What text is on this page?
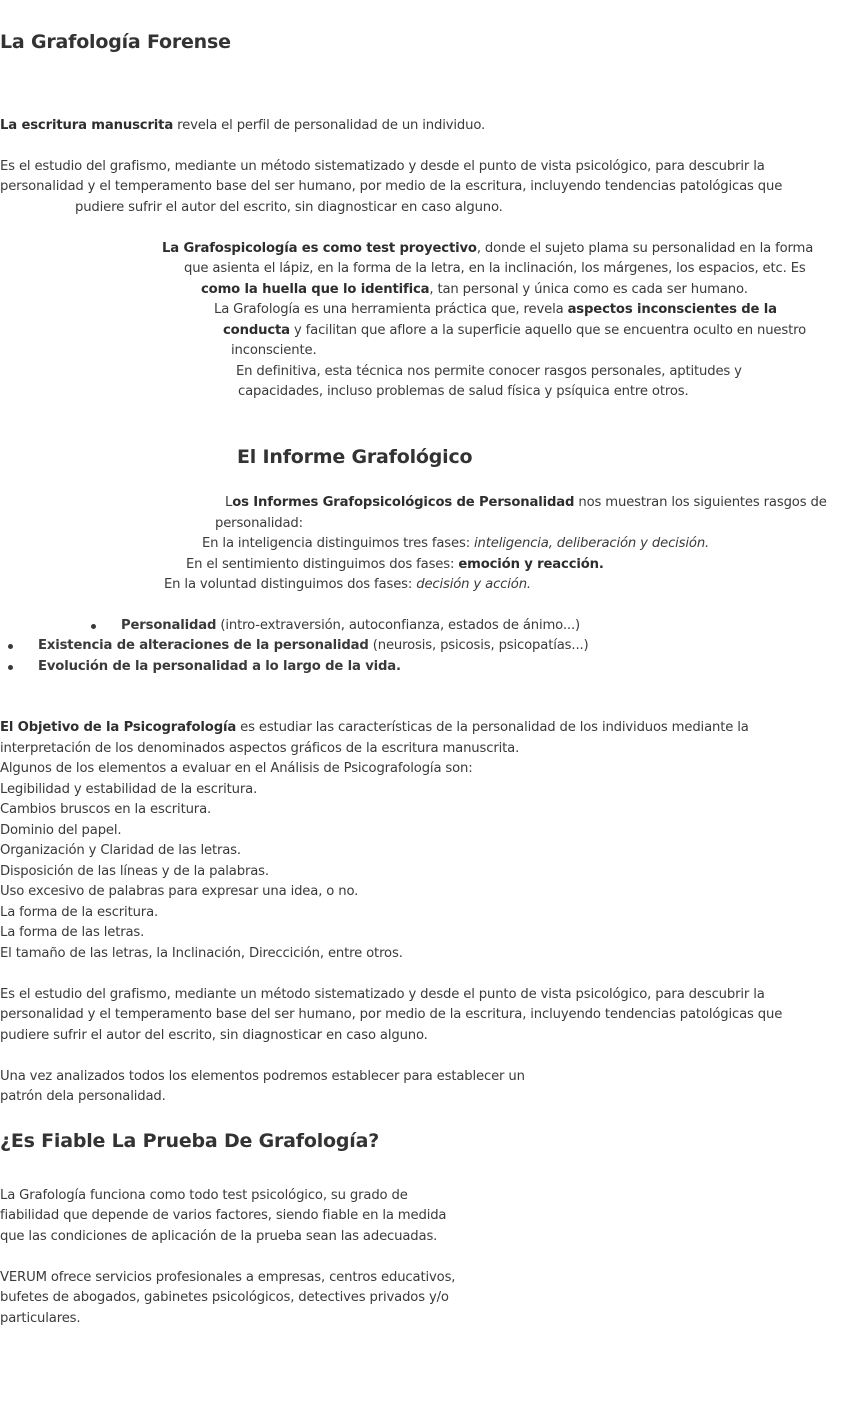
La Grafología Forense
La escritura manuscrita revela el perfil de personalidad de un individuo.
Es el estudio del grafismo, mediante un método sistematizado y desde el punto de vista psicológico, para descubrir la
personalidad y el temperamento base del ser humano, por medio de la escritura, incluyendo tendencias patológicas que
pudiere sufrir el autor del escrito, sin diagnosticar en caso alguno.
La Grafospicología es como test proyectivo, donde el sujeto plama su personalidad en la forma
que asienta el lápiz, en la forma de la letra, en la inclinación, los márgenes, los espacios, etc. Es
como la huella que lo identifica, tan personal y única como es cada ser humano.
La Grafología es una herramienta práctica que, revela aspectos inconscientes de la
conducta y facilitan que aflore a la superficie aquello que se encuentra oculto en nuestro
inconsciente.
En definitiva, esta técnica nos permite conocer rasgos personales, aptitudes y
capacidades, incluso problemas de salud física y psíquica entre otros.
El Informe Grafológico
Los Informes Grafopsicológicos de Personalidad nos muestran los siguientes rasgos de
personalidad:
En la inteligencia distinguimos tres fases: inteligencia, deliberación y decisión.
En el sentimiento distinguimos dos fases: emoción y reacción.
En la voluntad distinguimos dos fases: decisión y acción.
Personalidad (intro-extraversión, autoconfianza, estados de ánimo...)
Existencia de alteraciones de la personalidad (neurosis, psicosis, psicopatías...)
Evolución de la personalidad a lo largo de la vida.
El Objetivo de la Psicografología es estudiar las características de la personalidad de los individuos mediante la
interpretación de los denominados aspectos gráficos de la escritura manuscrita.
Algunos de los elementos a evaluar en el Análisis de Psicografología son:
Legibilidad y estabilidad de la escritura.
Cambios bruscos en la escritura.
Dominio del papel.
Organización y Claridad de las letras.
Disposición de las líneas y de la palabras.
Uso excesivo de palabras para expresar una idea, o no.
La forma de la escritura.
La forma de las letras.
El tamaño de las letras, la Inclinación, Direccición, entre otros.
Es el estudio del grafismo, mediante un método sistematizado y desde el punto de vista psicológico, para descubrir la
personalidad y el temperamento base del ser humano, por medio de la escritura, incluyendo tendencias patológicas que
pudiere sufrir el autor del escrito, sin diagnosticar en caso alguno.
Una vez analizados todos los elementos podremos establecer para establecer un
patrón dela personalidad.
¿Es Fiable La Prueba De Grafología?
La Grafología funciona como todo test psicológico, su grado de
fiabilidad que depende de varios factores, siendo fiable en la medida
que las condiciones de aplicación de la prueba sean las adecuadas.
VERUM ofrece servicios profesionales a empresas, centros educativos,
bufetes de abogados, gabinetes psicológicos, detectives privados y/o
particulares.
